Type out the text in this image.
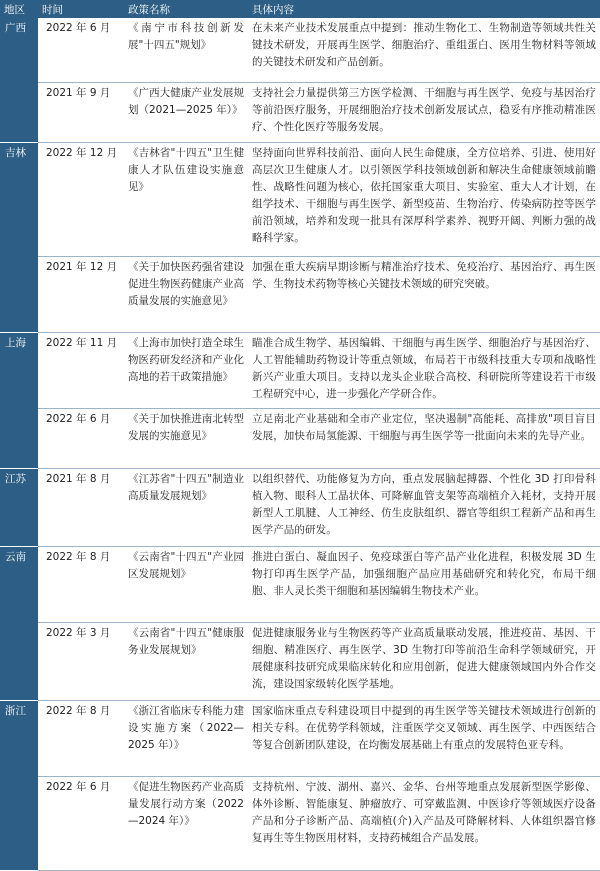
地区	时间	政策名称	具体内容
广西	2022 年 6 月	《南宁市科技创新发展"十四五"规划》	在未来产业技术发展重点中提到：推动生物化工、生物制造等领域共性关键技术研发，开展再生医学、细胞治疗、重组蛋白、医用生物材料等领域的关键技术研发和产品创新。
	2021 年 9 月	《广西大健康产业发展规划（2021—2025 年）》	支持社会力量提供第三方医学检测、干细胞与再生医学、免疫与基因治疗等前沿医疗服务，开展细胞治疗技术创新发展试点，稳妥有序推动精准医疗、个性化医疗等服务发展。
吉林	2022 年 12 月	《吉林省"十四五"卫生健康人才队伍建设实施意见》	坚持面向世界科技前沿、面向人民生命健康，全方位培养、引进、使用好高层次卫生健康人才。以引领医学科技领域创新和解决生命健康领域前瞻性、战略性问题为核心，依托国家重大项目、实验室、重大人才计划，在组学技术、干细胞与再生医学、新型疫苗、生物治疗、传染病防控等医学前沿领域，培养和发现一批具有深厚科学素养、视野开阔、判断力强的战略科学家。
	2021 年 12 月	《关于加快医药强省建设促进生物医药健康产业高质量发展的实施意见》	加强在重大疾病早期诊断与精准治疗技术、免疫治疗、基因治疗、再生医学、生物技术药物等核心关键技术领域的研究突破。
上海	2022 年 11 月	《上海市加快打造全球生物医药研发经济和产业化高地的若干政策措施》	瞄准合成生物学、基因编辑、干细胞与再生医学、细胞治疗与基因治疗、人工智能辅助药物设计等重点领域，布局若干市级科技重大专项和战略性新兴产业重大项目。支持以龙头企业联合高校、科研院所等建设若干市级工程研究中心，进一步强化产学研合作。
	2022 年 6 月	《关于加快推进南北转型发展的实施意见》	立足南北产业基础和全市产业定位，坚决遏制"高能耗、高排放"项目盲目发展，加快布局氢能源、干细胞与再生医学等一批面向未来的先导产业。
江苏	2021 年 8 月	《江苏省"十四五"制造业高质量发展规划》	以组织替代、功能修复为方向，重点发展脑起搏器、个性化 3D 打印骨科植入物、眼科人工晶状体、可降解血管支架等高端植介入耗材，支持开展新型人工肌腱、人工神经、仿生皮肤组织、器官等组织工程新产品和再生医学产品的研发。
云南	2022 年 8 月	《云南省"十四五"产业园区发展规划》	推进白蛋白、凝血因子、免疫球蛋白等产品产业化进程，积极发展 3D 生物打印再生医学产品，加强细胞产品应用基础研究和转化究，布局干细胞、非人灵长类干细胞和基因编辑生物技术产业。
	2022 年 3 月	《云南省"十四五"健康服务业发展规划》	促进健康服务业与生物医药等产业高质量联动发展，推进疫苗、基因、干细胞、精准医疗、再生医学、3D 生物打印等前沿生命科学领域研究，开展健康科技研究成果临床转化和应用创新，促进大健康领域国内外合作交流，建设国家级转化医学基地。
浙江	2022 年 8 月	《浙江省临床专科能力建设实施方案（2022—2025 年）》	国家临床重点专科建设项目中提到的再生医学等关键技术领域进行创新的相关专科。在优势学科领域，注重医学交叉领域、再生医学、中西医结合等复合创新团队建设，在均衡发展基础上有重点的发展特色亚专科。
	2022 年 6 月	《促进生物医药产业高质量发展行动方案（2022—2024 年）》	支持杭州、宁波、湖州、嘉兴、金华、台州等地重点发展新型医学影像、体外诊断、智能康复、肿瘤放疗、可穿戴监测、中医诊疗等领域医疗设备产品和分子诊断产品、高端植(介)入产品及可降解材料、人体组织器官修复再生等生物医用材料，支持药械组合产品发展。
